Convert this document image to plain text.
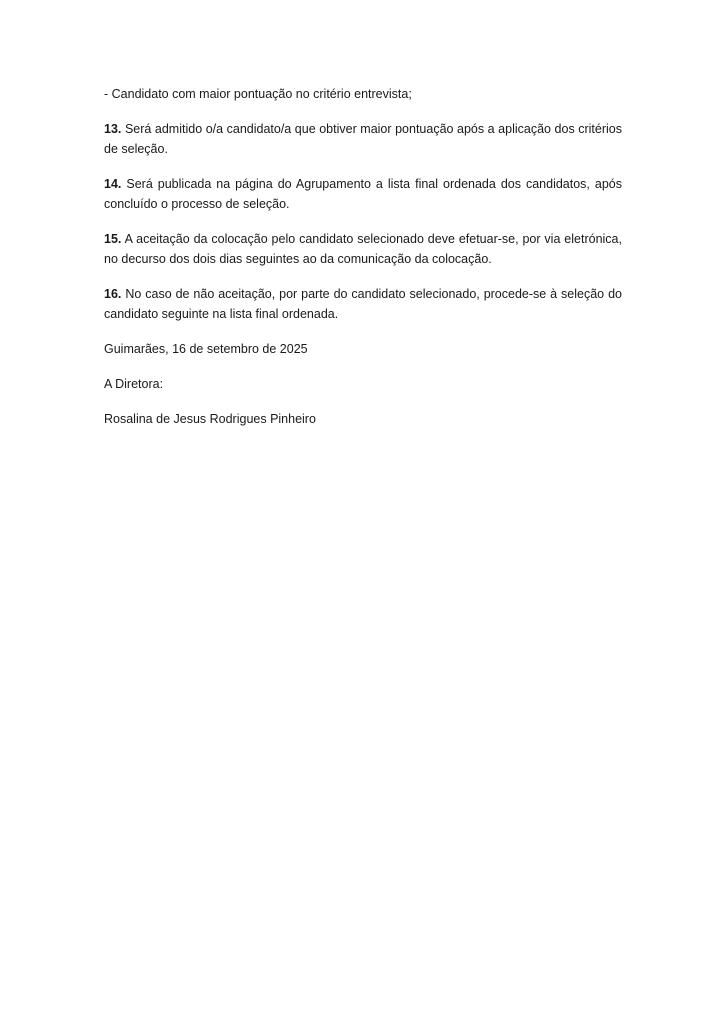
- Candidato com maior pontuação no critério entrevista;

13. Será admitido o/a candidato/a que obtiver maior pontuação após a aplicação dos critérios de seleção.

14. Será publicada na página do Agrupamento a lista final ordenada dos candidatos, após concluído o processo de seleção.

15. A aceitação da colocação pelo candidato selecionado deve efetuar-se, por via eletrónica, no decurso dos dois dias seguintes ao da comunicação da colocação.

16. No caso de não aceitação, por parte do candidato selecionado, procede-se à seleção do candidato seguinte na lista final ordenada.

Guimarães, 16 de setembro de 2025

A Diretora:

Rosalina de Jesus Rodrigues Pinheiro
